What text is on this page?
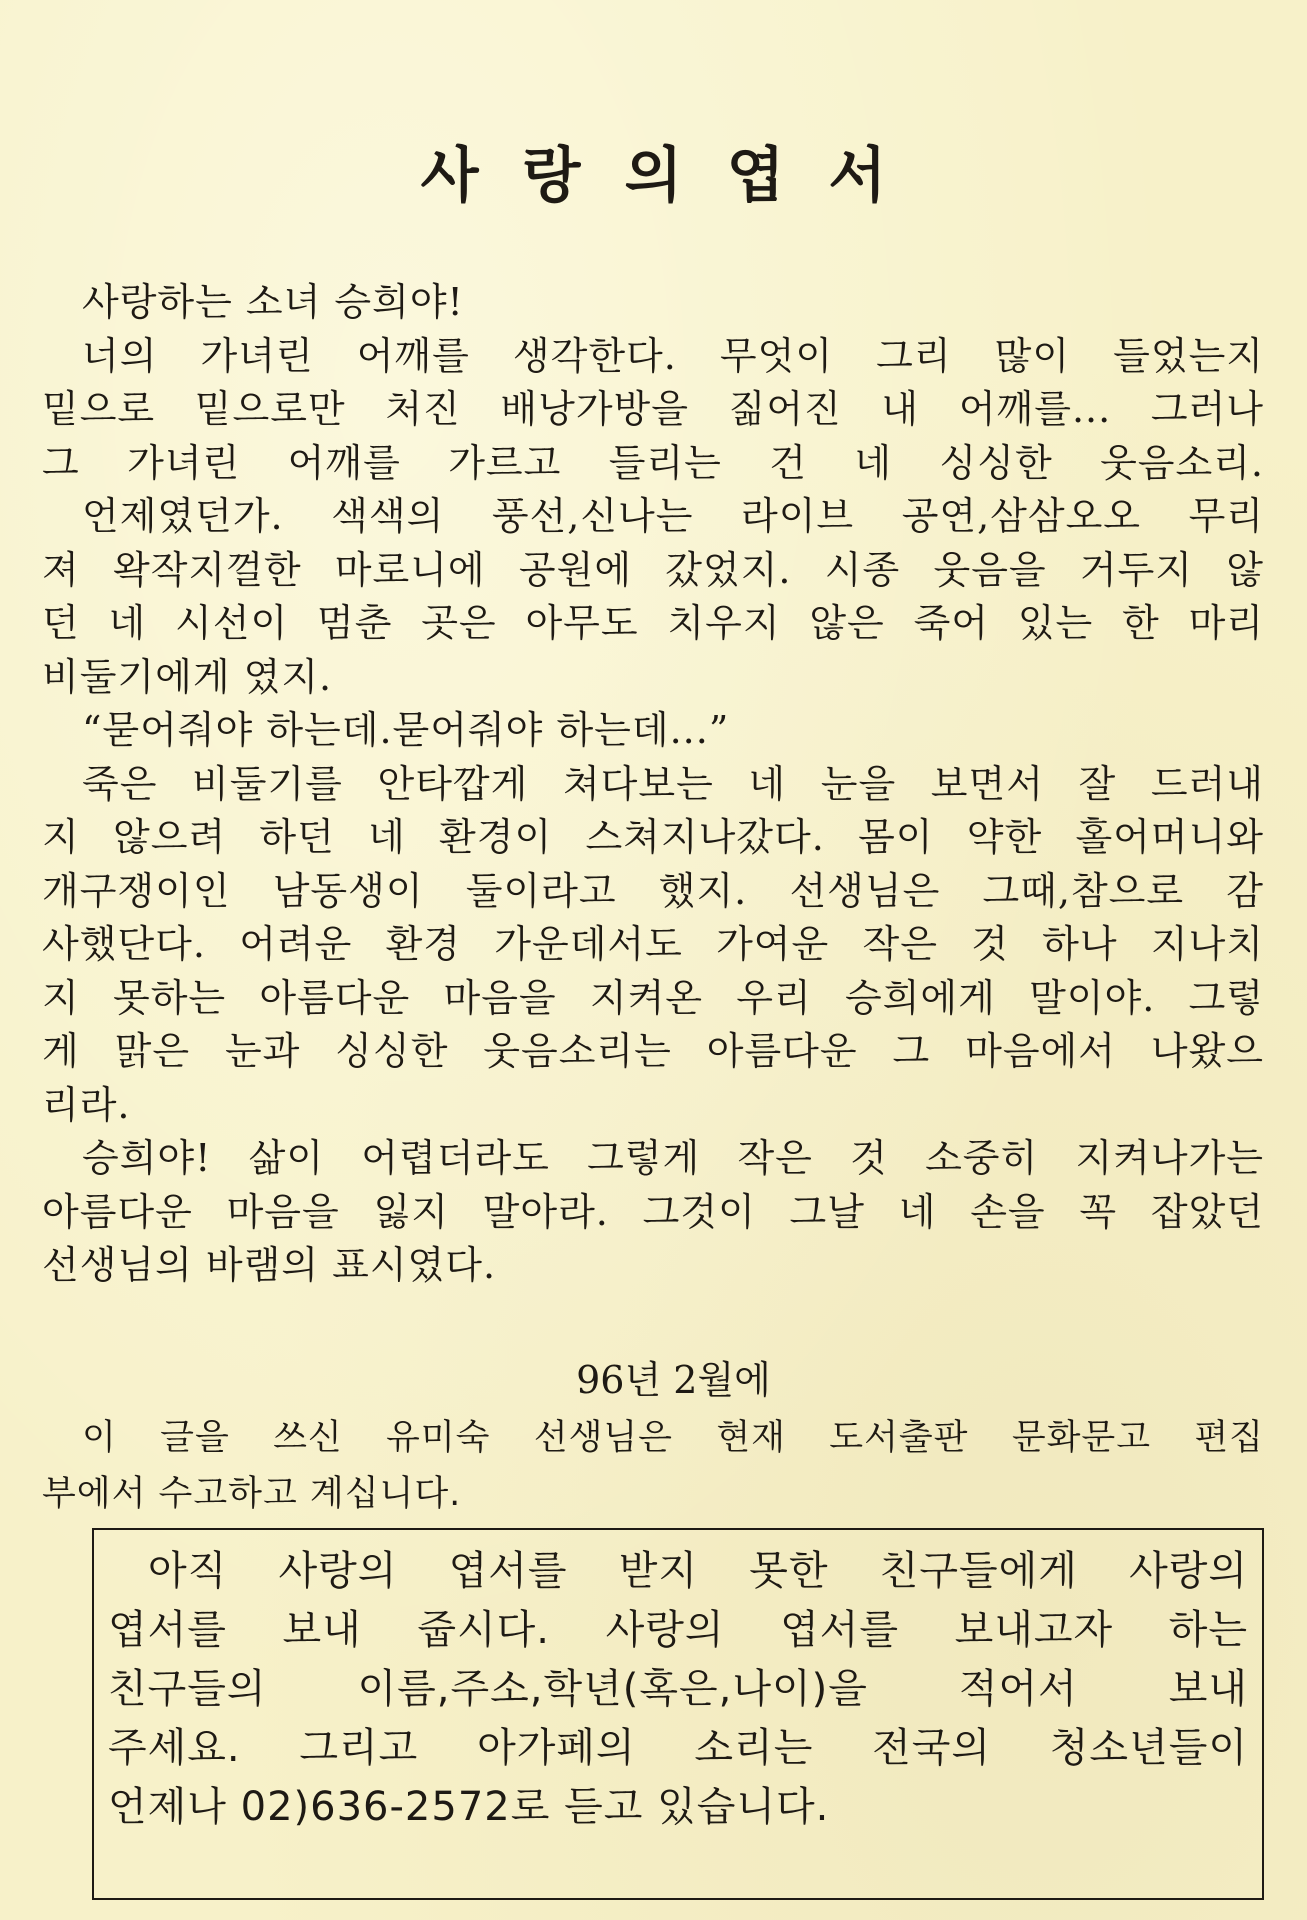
사랑의엽서
사랑하는 소녀 승희야!
너의 가녀린 어깨를 생각한다. 무엇이 그리 많이 들었는지
밑으로 밑으로만 처진 배낭가방을 짊어진 내 어깨를... 그러나
그 가녀린 어깨를 가르고 들리는 건 네 싱싱한 웃음소리.
언제였던가. 색색의 풍선,신나는 라이브 공연,삼삼오오 무리
져 왁작지껄한 마로니에 공원에 갔었지. 시종 웃음을 거두지 않
던 네 시선이 멈춘 곳은 아무도 치우지 않은 죽어 있는 한 마리
비둘기에게 였지.
“묻어줘야 하는데.묻어줘야 하는데...”
죽은 비둘기를 안타깝게 쳐다보는 네 눈을 보면서 잘 드러내
지 않으려 하던 네 환경이 스쳐지나갔다. 몸이 약한 홀어머니와
개구쟁이인 남동생이 둘이라고 했지. 선생님은 그때,참으로 감
사했단다. 어려운 환경 가운데서도 가여운 작은 것 하나 지나치
지 못하는 아름다운 마음을 지켜온 우리 승희에게 말이야. 그렇
게 맑은 눈과 싱싱한 웃음소리는 아름다운 그 마음에서 나왔으
리라.
승희야! 삶이 어렵더라도 그렇게 작은 것 소중히 지켜나가는
아름다운 마음을 잃지 말아라. 그것이 그날 네 손을 꼭 잡았던
선생님의 바램의 표시였다.
96년 2월에
이 글을 쓰신 유미숙 선생님은 현재 도서출판 문화문고 편집
부에서 수고하고 계십니다.
아직 사랑의 엽서를 받지 못한 친구들에게 사랑의
엽서를 보내 줍시다. 사랑의 엽서를 보내고자 하는
친구들의 이름,주소,학년(혹은,나이)을 적어서 보내
주세요. 그리고 아가페의 소리는 전국의 청소년들이
언제나 02)636-2572로 듣고 있습니다.
